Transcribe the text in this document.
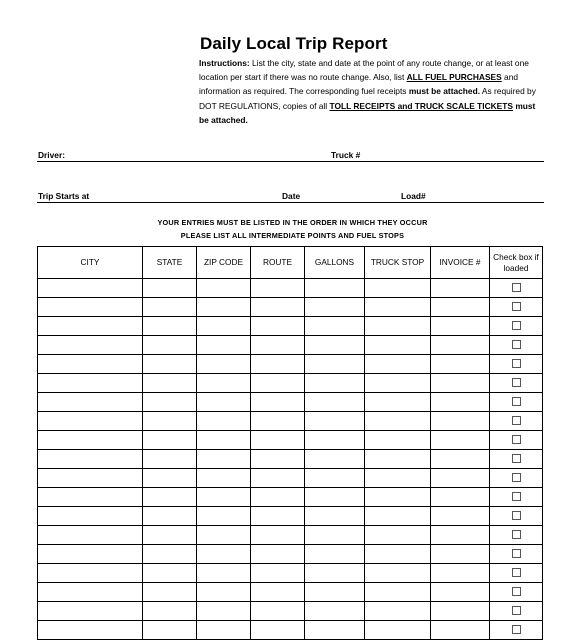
Daily Local Trip Report
Instructions: List the city, state and date at the point of any route change, or at least one location per start if there was no route change. Also, list ALL FUEL PURCHASES and information as required. The corresponding fuel receipts must be attached. As required by DOT REGULATIONS, copies of all TOLL RECEIPTS and TRUCK SCALE TICKETS must be attached.
Driver:	Truck #
Trip Starts at	Date	Load#
YOUR ENTRIES MUST BE LISTED IN THE ORDER IN WHICH THEY OCCUR
PLEASE LIST ALL INTERMEDIATE POINTS AND FUEL STOPS
CITY	STATE	ZIP CODE	ROUTE	GALLONS	TRUCK STOP	INVOICE #	Check box if loaded
